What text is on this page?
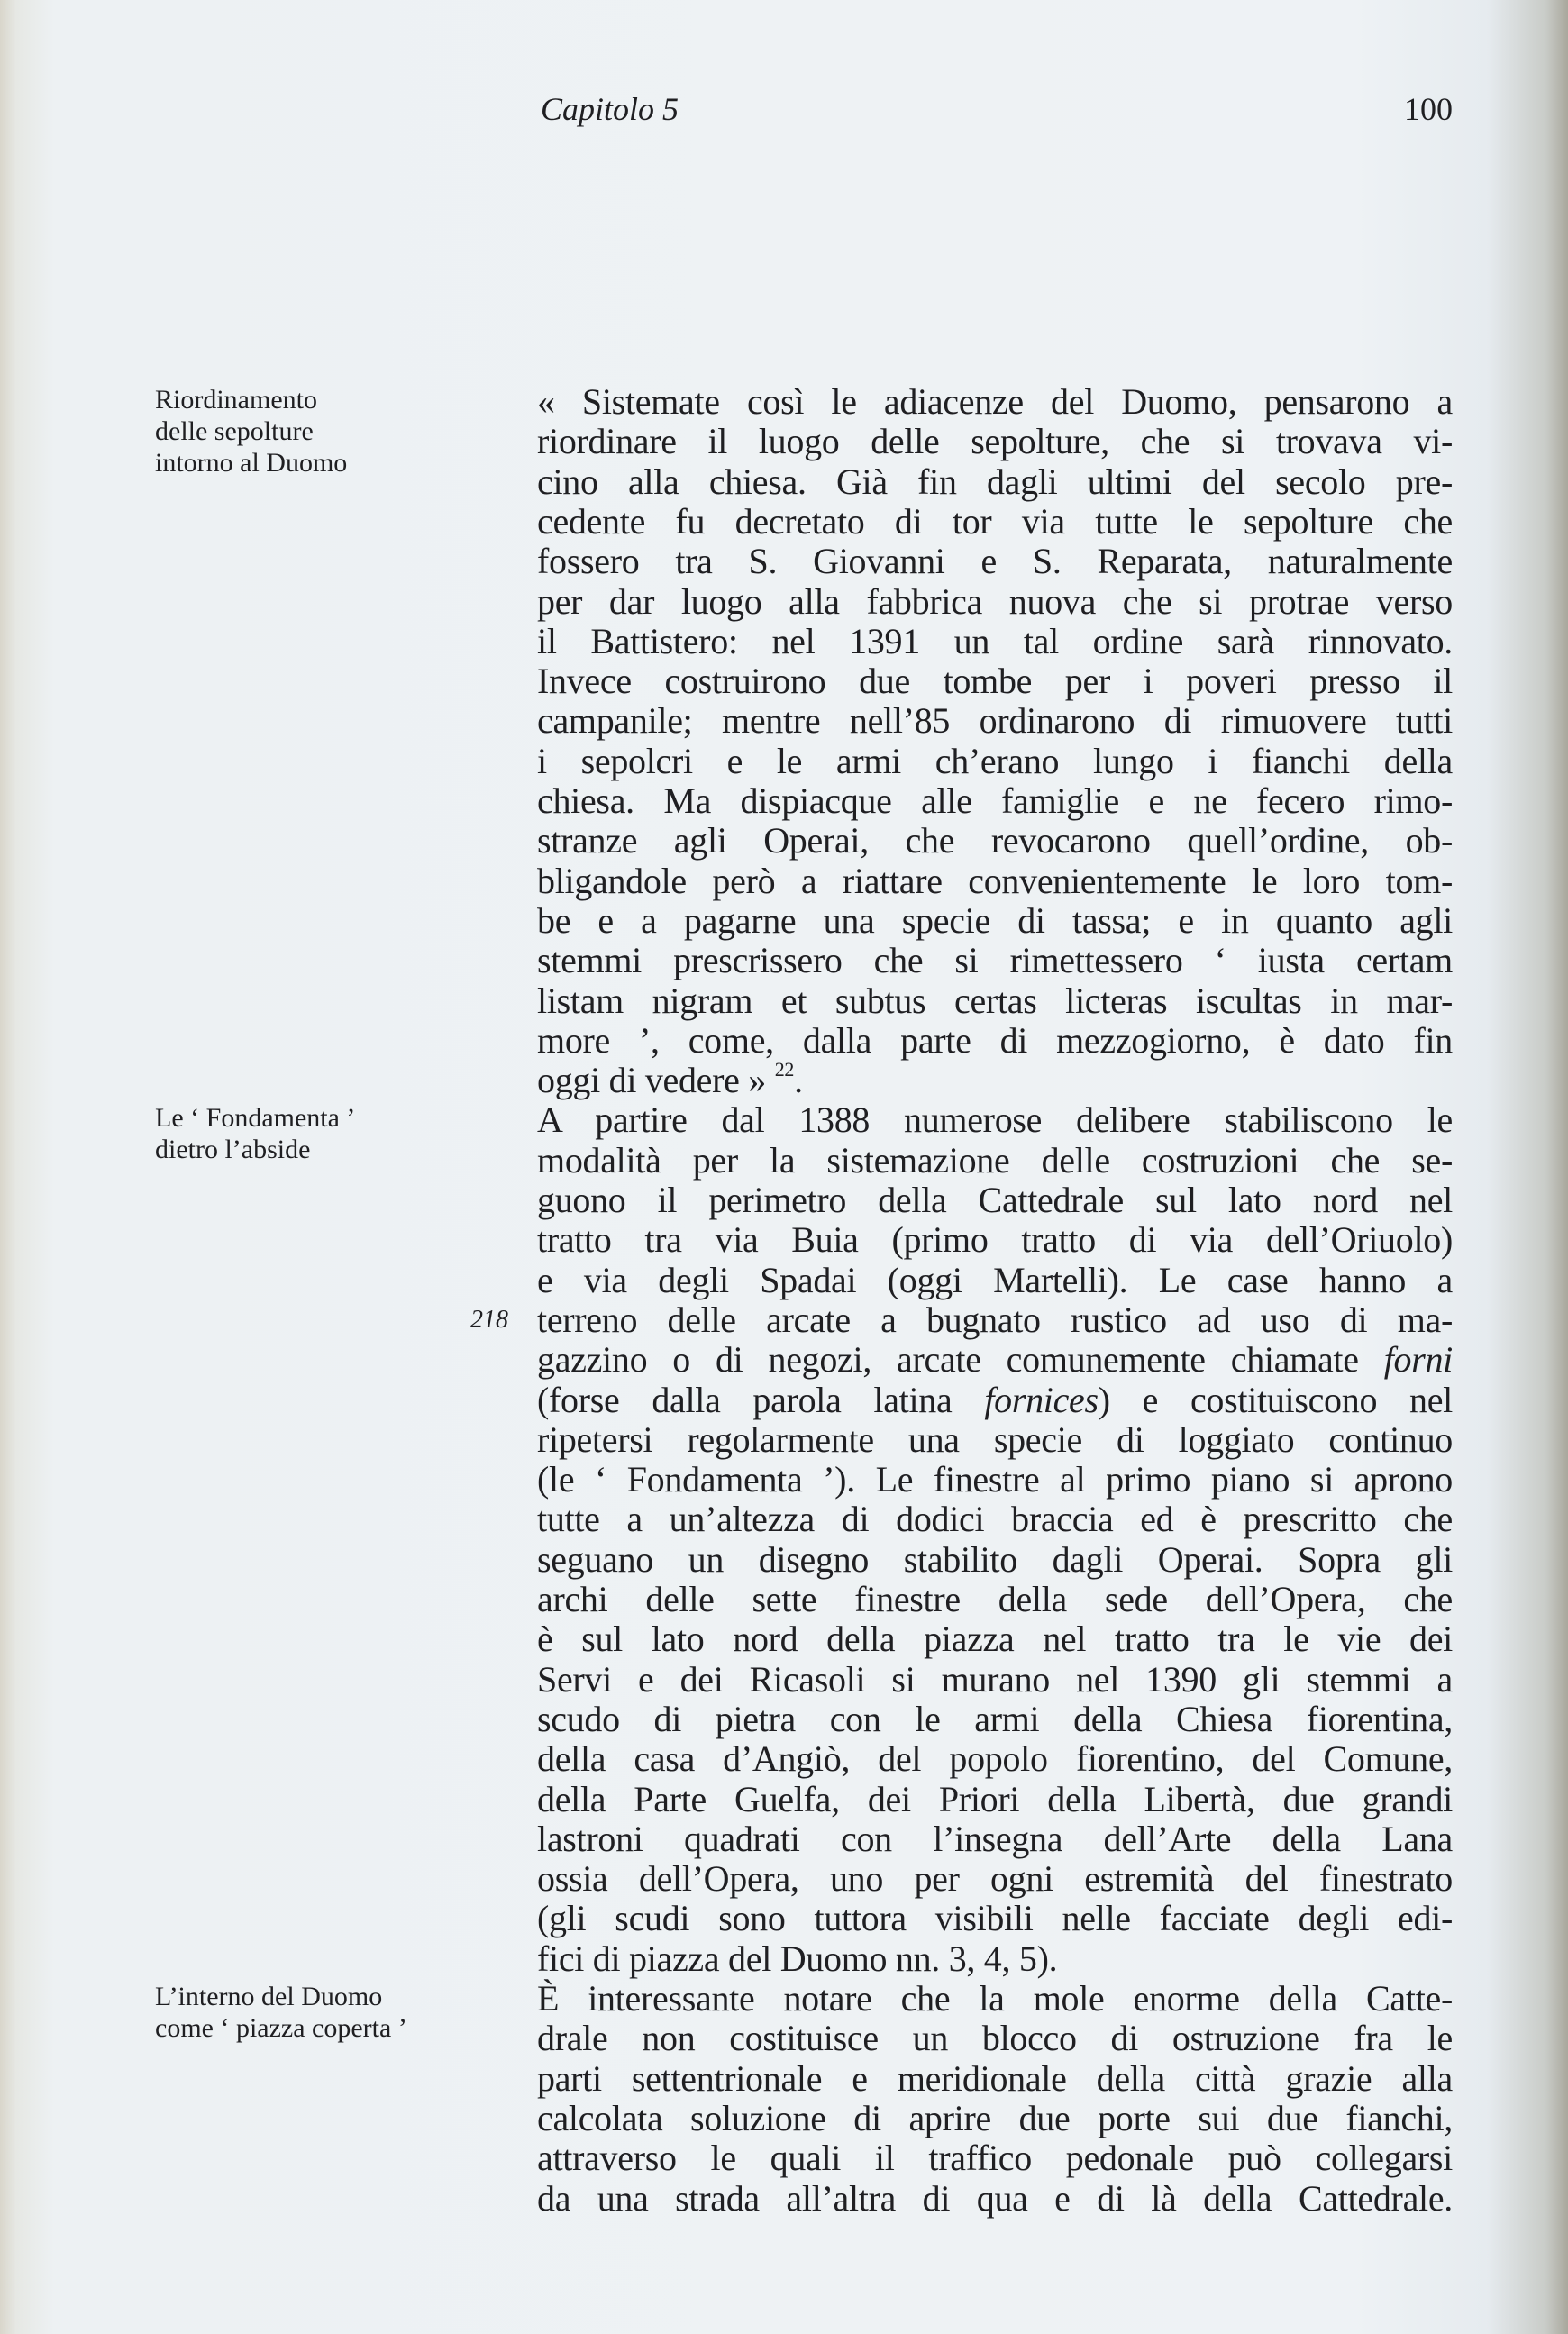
Capitolo 5	100
« Sistemate così le adiacenze del Duomo, pensarono a
riordinare il luogo delle sepolture, che si trovava vi-
cino alla chiesa. Già fin dagli ultimi del secolo pre-
cedente fu decretato di tor via tutte le sepolture che
fossero tra S. Giovanni e S. Reparata, naturalmente
per dar luogo alla fabbrica nuova che si protrae verso
il Battistero: nel 1391 un tal ordine sarà rinnovato.
Invece costruirono due tombe per i poveri presso il
campanile; mentre nell’85 ordinarono di rimuovere tutti
i sepolcri e le armi ch’erano lungo i fianchi della
chiesa. Ma dispiacque alle famiglie e ne fecero rimo-
stranze agli Operai, che revocarono quell’ordine, ob-
bligandole però a riattare convenientemente le loro tom-
be e a pagarne una specie di tassa; e in quanto agli
stemmi prescrissero che si rimettessero ‘ iusta certam
listam nigram et subtus certas licteras iscultas in mar-
more ’, come, dalla parte di mezzogiorno, è dato fin
oggi di vedere » $^{22}$.
A partire dal 1388 numerose delibere stabiliscono le
modalità per la sistemazione delle costruzioni che se-
guono il perimetro della Cattedrale sul lato nord nel
tratto tra via Buia (primo tratto di via dell’Oriuolo)
e via degli Spadai (oggi Martelli). Le case hanno a
terreno delle arcate a bugnato rustico ad uso di ma-
gazzino o di negozi, arcate comunemente chiamate forni
(forse dalla parola latina fornices) e costituiscono nel
ripetersi regolarmente una specie di loggiato continuo
(le ‘ Fondamenta ’). Le finestre al primo piano si aprono
tutte a un’altezza di dodici braccia ed è prescritto che
seguano un disegno stabilito dagli Operai. Sopra gli
archi delle sette finestre della sede dell’Opera, che
è sul lato nord della piazza nel tratto tra le vie dei
Servi e dei Ricasoli si murano nel 1390 gli stemmi a
scudo di pietra con le armi della Chiesa fiorentina,
della casa d’Angiò, del popolo fiorentino, del Comune,
della Parte Guelfa, dei Priori della Libertà, due grandi
lastroni quadrati con l’insegna dell’Arte della Lana
ossia dell’Opera, uno per ogni estremità del finestrato
(gli scudi sono tuttora visibili nelle facciate degli edi-
fici di piazza del Duomo nn. 3, 4, 5).
È interessante notare che la mole enorme della Catte-
drale non costituisce un blocco di ostruzione fra le
parti settentrionale e meridionale della città grazie alla
calcolata soluzione di aprire due porte sui due fianchi,
attraverso le quali il traffico pedonale può collegarsi
da una strada all’altra di qua e di là della Cattedrale.
Riordinamento
delle sepolture
intorno al Duomo
Le ‘ Fondamenta ’
dietro l’abside
L’interno del Duomo
come ‘ piazza coperta ’
218
